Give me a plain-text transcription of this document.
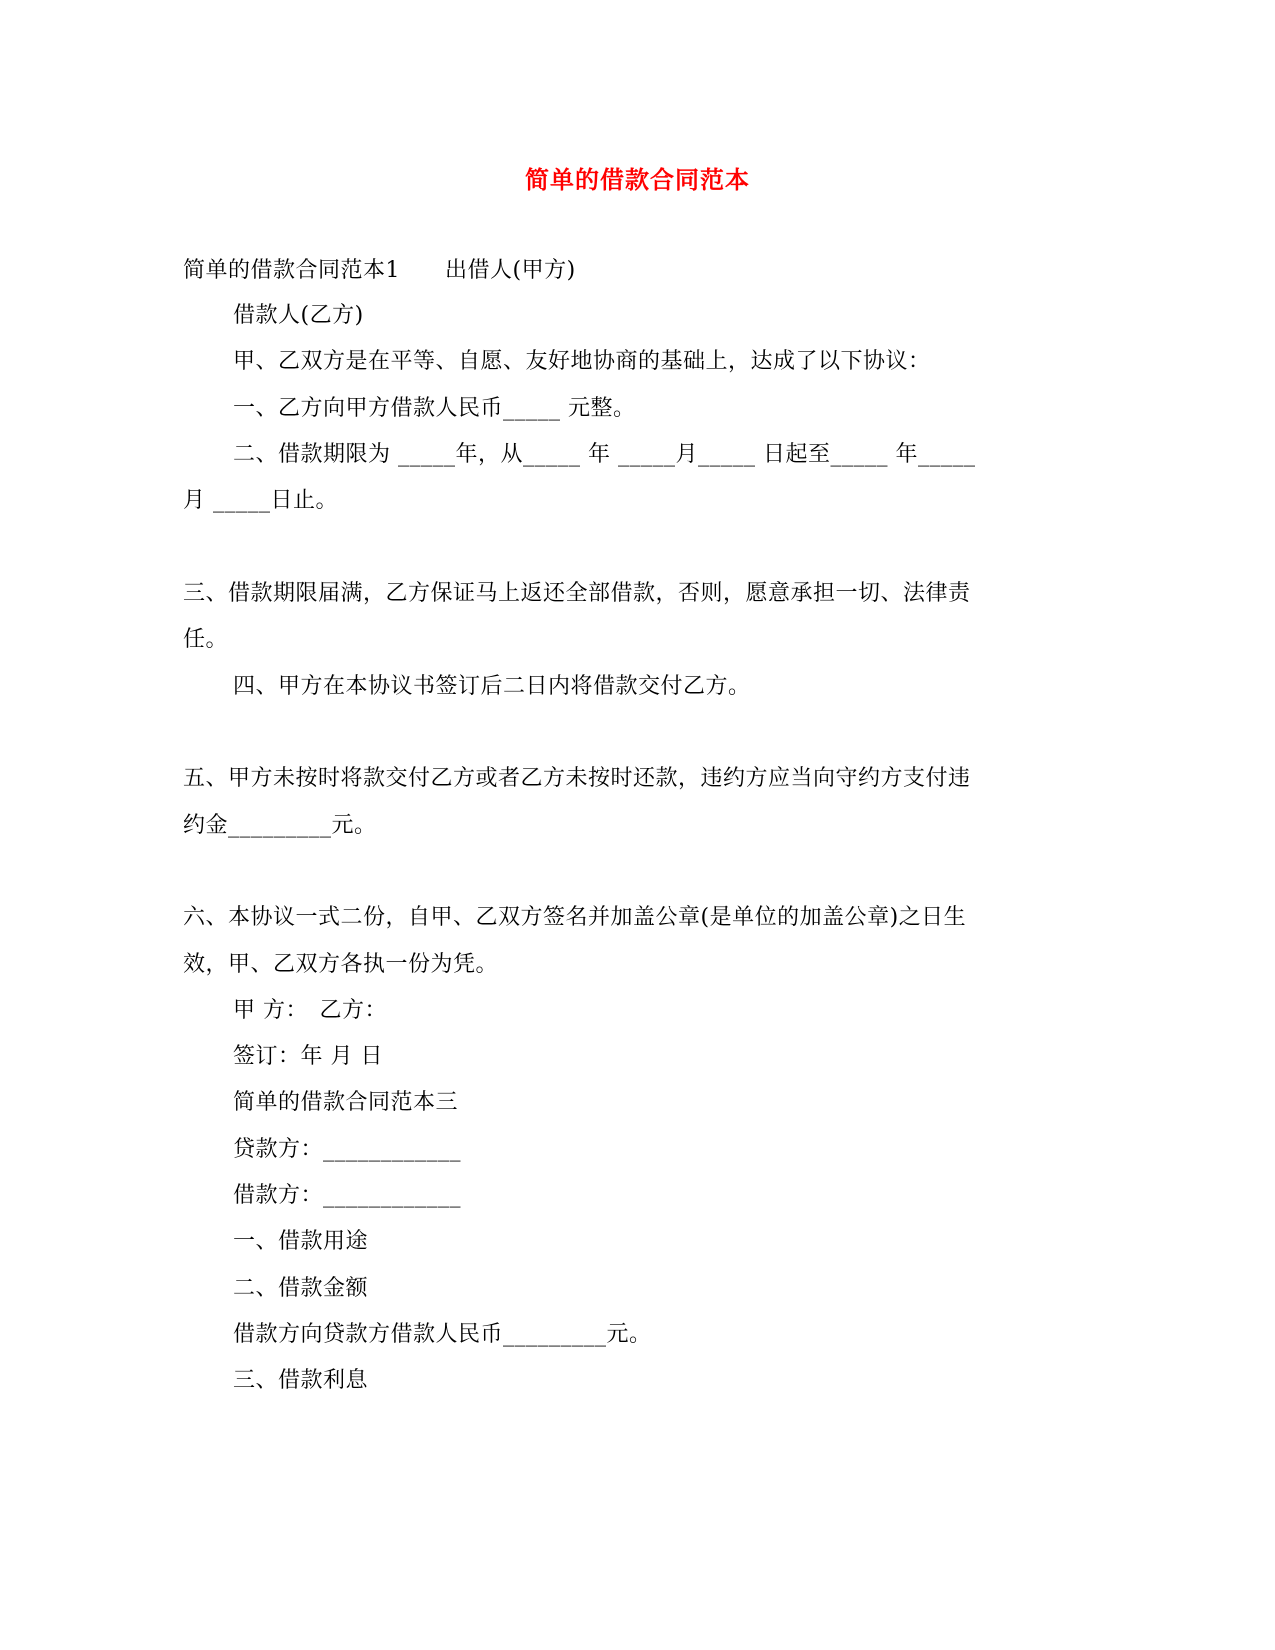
简单的借款合同范本
简单的借款合同范本1　　出借人(甲方)
借款人(乙方)
甲、乙双方是在平等、自愿、友好地协商的基础上，达成了以下协议：
一、乙方向甲方借款人民币_____ 元整。
二、借款期限为 _____年，从_____ 年 _____月_____ 日起至_____ 年_____
月 _____日止。
三、借款期限届满，乙方保证马上返还全部借款，否则，愿意承担一切、法律责
任。
四、甲方在本协议书签订后二日内将借款交付乙方。
五、甲方未按时将款交付乙方或者乙方未按时还款，违约方应当向守约方支付违
约金_________元。
六、本协议一式二份，自甲、乙双方签名并加盖公章(是单位的加盖公章)之日生
效，甲、乙双方各执一份为凭。
甲 方：　乙方：
签订：年 月 日
简单的借款合同范本三
贷款方：____________
借款方：____________
一、借款用途
二、借款金额
借款方向贷款方借款人民币_________元。
三、借款利息
